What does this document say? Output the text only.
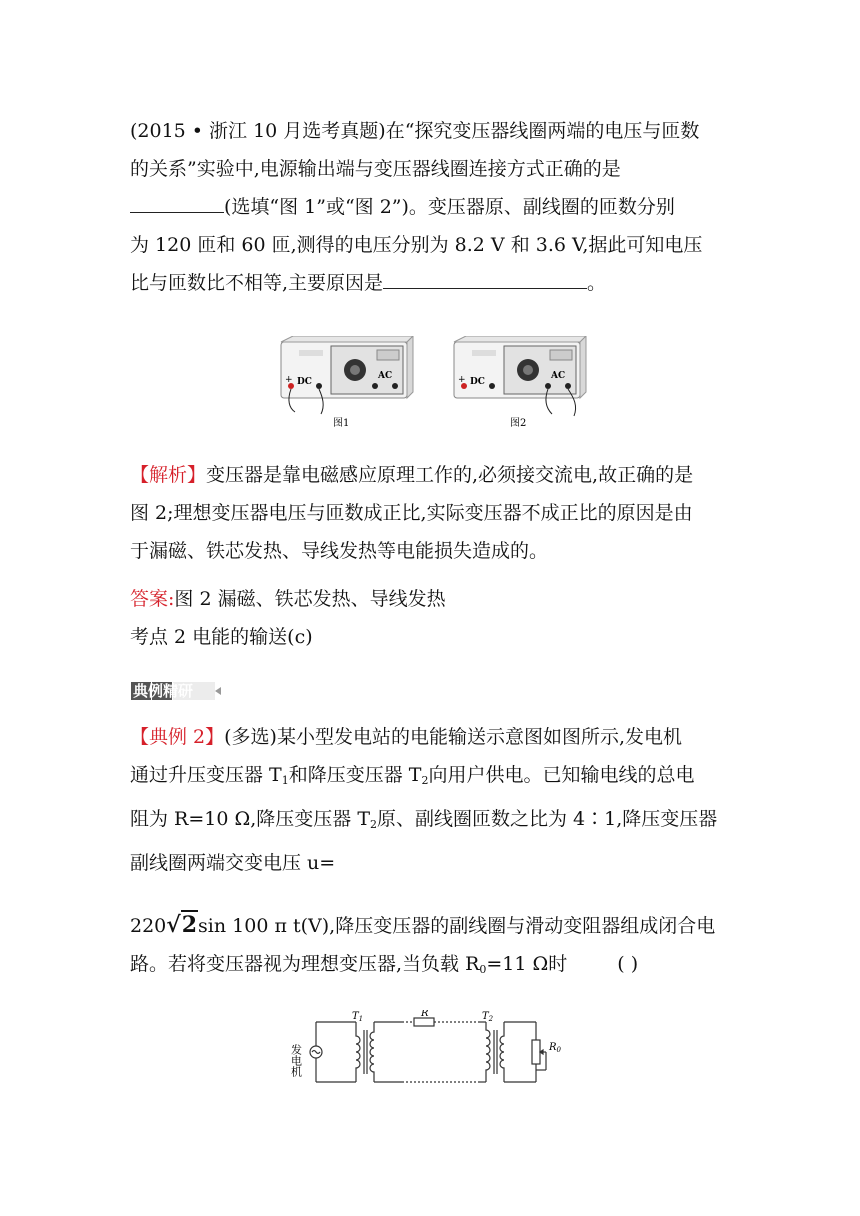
(2015 • 浙江 10 月选考真题)在“探究变压器线圈两端的电压与匝数
的关系”实验中,电源输出端与变压器线圈连接方式正确的是
(选填“图 1”或“图 2”)。变压器原、副线圈的匝数分别
为 120 匝和 60 匝,测得的电压分别为 8.2 V 和 3.6 V,据此可知电压
比与匝数比不相等,主要原因是	。
+ DC
AC
图1
+ DC
AC
图2
【解析】变压器是靠电磁感应原理工作的,必须接交流电,故正确的是
图 2;理想变压器电压与匝数成正比,实际变压器不成正比的原因是由
于漏磁、铁芯发热、导线发热等电能损失造成的。
答案:图 2 漏磁、铁芯发热、导线发热
考点 2 电能的输送(c)
典例精研
【典例 2】(多选)某小型发电站的电能输送示意图如图所示,发电机
通过升压变压器 $T_1$和降压变压器 $T_2$向用户供电。已知输电线的总电
阻为 R=10 Ω,降压变压器 $T_2$原、副线圈匝数之比为 4∶1,降压变压器
副线圈两端交变电压 u=
220√2sin 100 π t(V),降压变压器的副线圈与滑动变阻器组成闭合电
路。若将变压器视为理想变压器,当负载 $R_0=11$ Ω时	( )
发电机
$T_1$	R	$T_2$
$R_0$
